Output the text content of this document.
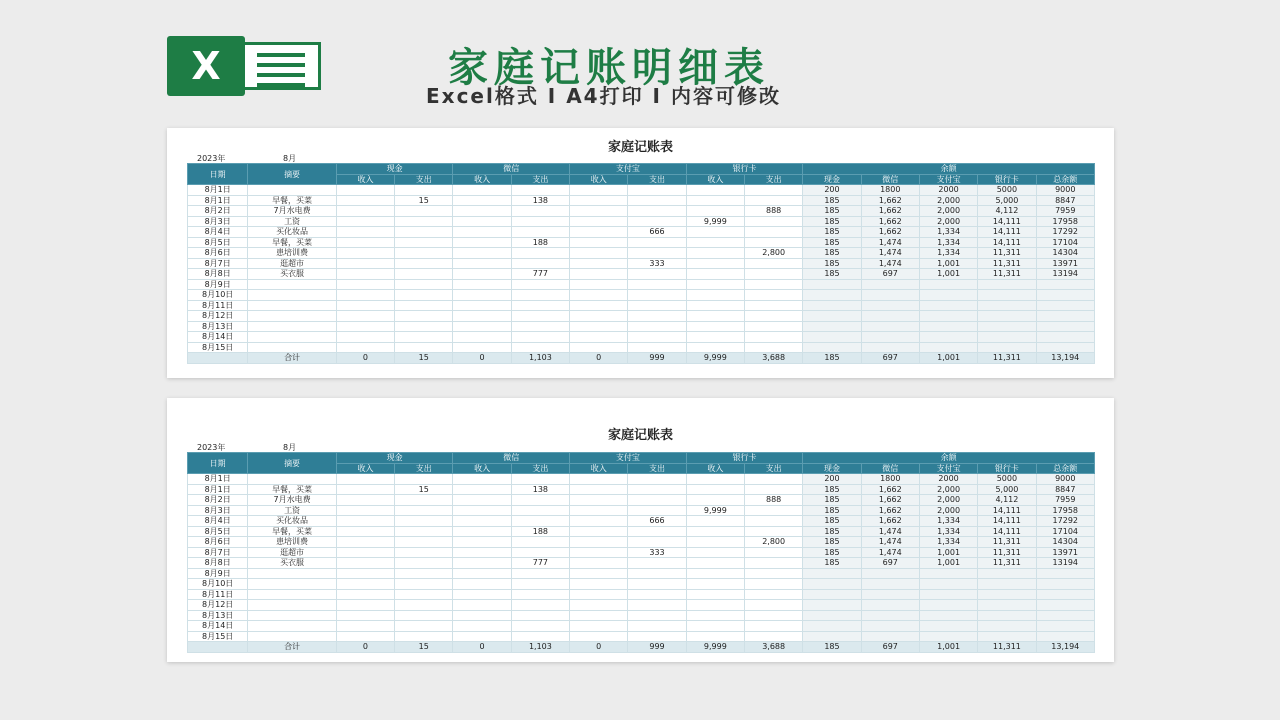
X	家庭记账明细表
Excel格式 I A4打印 I 内容可修改
家庭记账表
2023年	8月
日期	摘要	现金		微信		支付宝		银行卡		余额				
		收入	支出	收入	支出	收入	支出	收入	支出	现金	微信	支付宝	银行卡	总余额
8月1日										200	1800	2000	5000	9000
8月1日	早餐，买菜		15		138					185	1,662	2,000	5,000	8847
8月2日	7月水电费								888	185	1,662	2,000	4,112	7959
8月3日	工资							9,999		185	1,662	2,000	14,111	17958
8月4日	买化妆品						666			185	1,662	1,334	14,111	17292
8月5日	早餐，买菜				188					185	1,474	1,334	14,111	17104
8月6日	患培训费								2,800	185	1,474	1,334	11,311	14304
8月7日	逛超市						333			185	1,474	1,001	11,311	13971
8月8日	买衣服				777					185	697	1,001	11,311	13194
8月9日														
8月10日														
8月11日														
8月12日														
8月13日														
8月14日														
8月15日														
	合计	0	15	0	1,103	0	999	9,999	3,688	185	697	1,001	11,311	13,194
家庭记账表
2023年	8月
日期	摘要	现金		微信		支付宝		银行卡		余额				
		收入	支出	收入	支出	收入	支出	收入	支出	现金	微信	支付宝	银行卡	总余额
8月1日										200	1800	2000	5000	9000
8月1日	早餐，买菜		15		138					185	1,662	2,000	5,000	8847
8月2日	7月水电费								888	185	1,662	2,000	4,112	7959
8月3日	工资							9,999		185	1,662	2,000	14,111	17958
8月4日	买化妆品						666			185	1,662	1,334	14,111	17292
8月5日	早餐，买菜				188					185	1,474	1,334	14,111	17104
8月6日	患培训费								2,800	185	1,474	1,334	11,311	14304
8月7日	逛超市						333			185	1,474	1,001	11,311	13971
8月8日	买衣服				777					185	697	1,001	11,311	13194
8月9日														
8月10日														
8月11日														
8月12日														
8月13日														
8月14日														
8月15日														
	合计	0	15	0	1,103	0	999	9,999	3,688	185	697	1,001	11,311	13,194
